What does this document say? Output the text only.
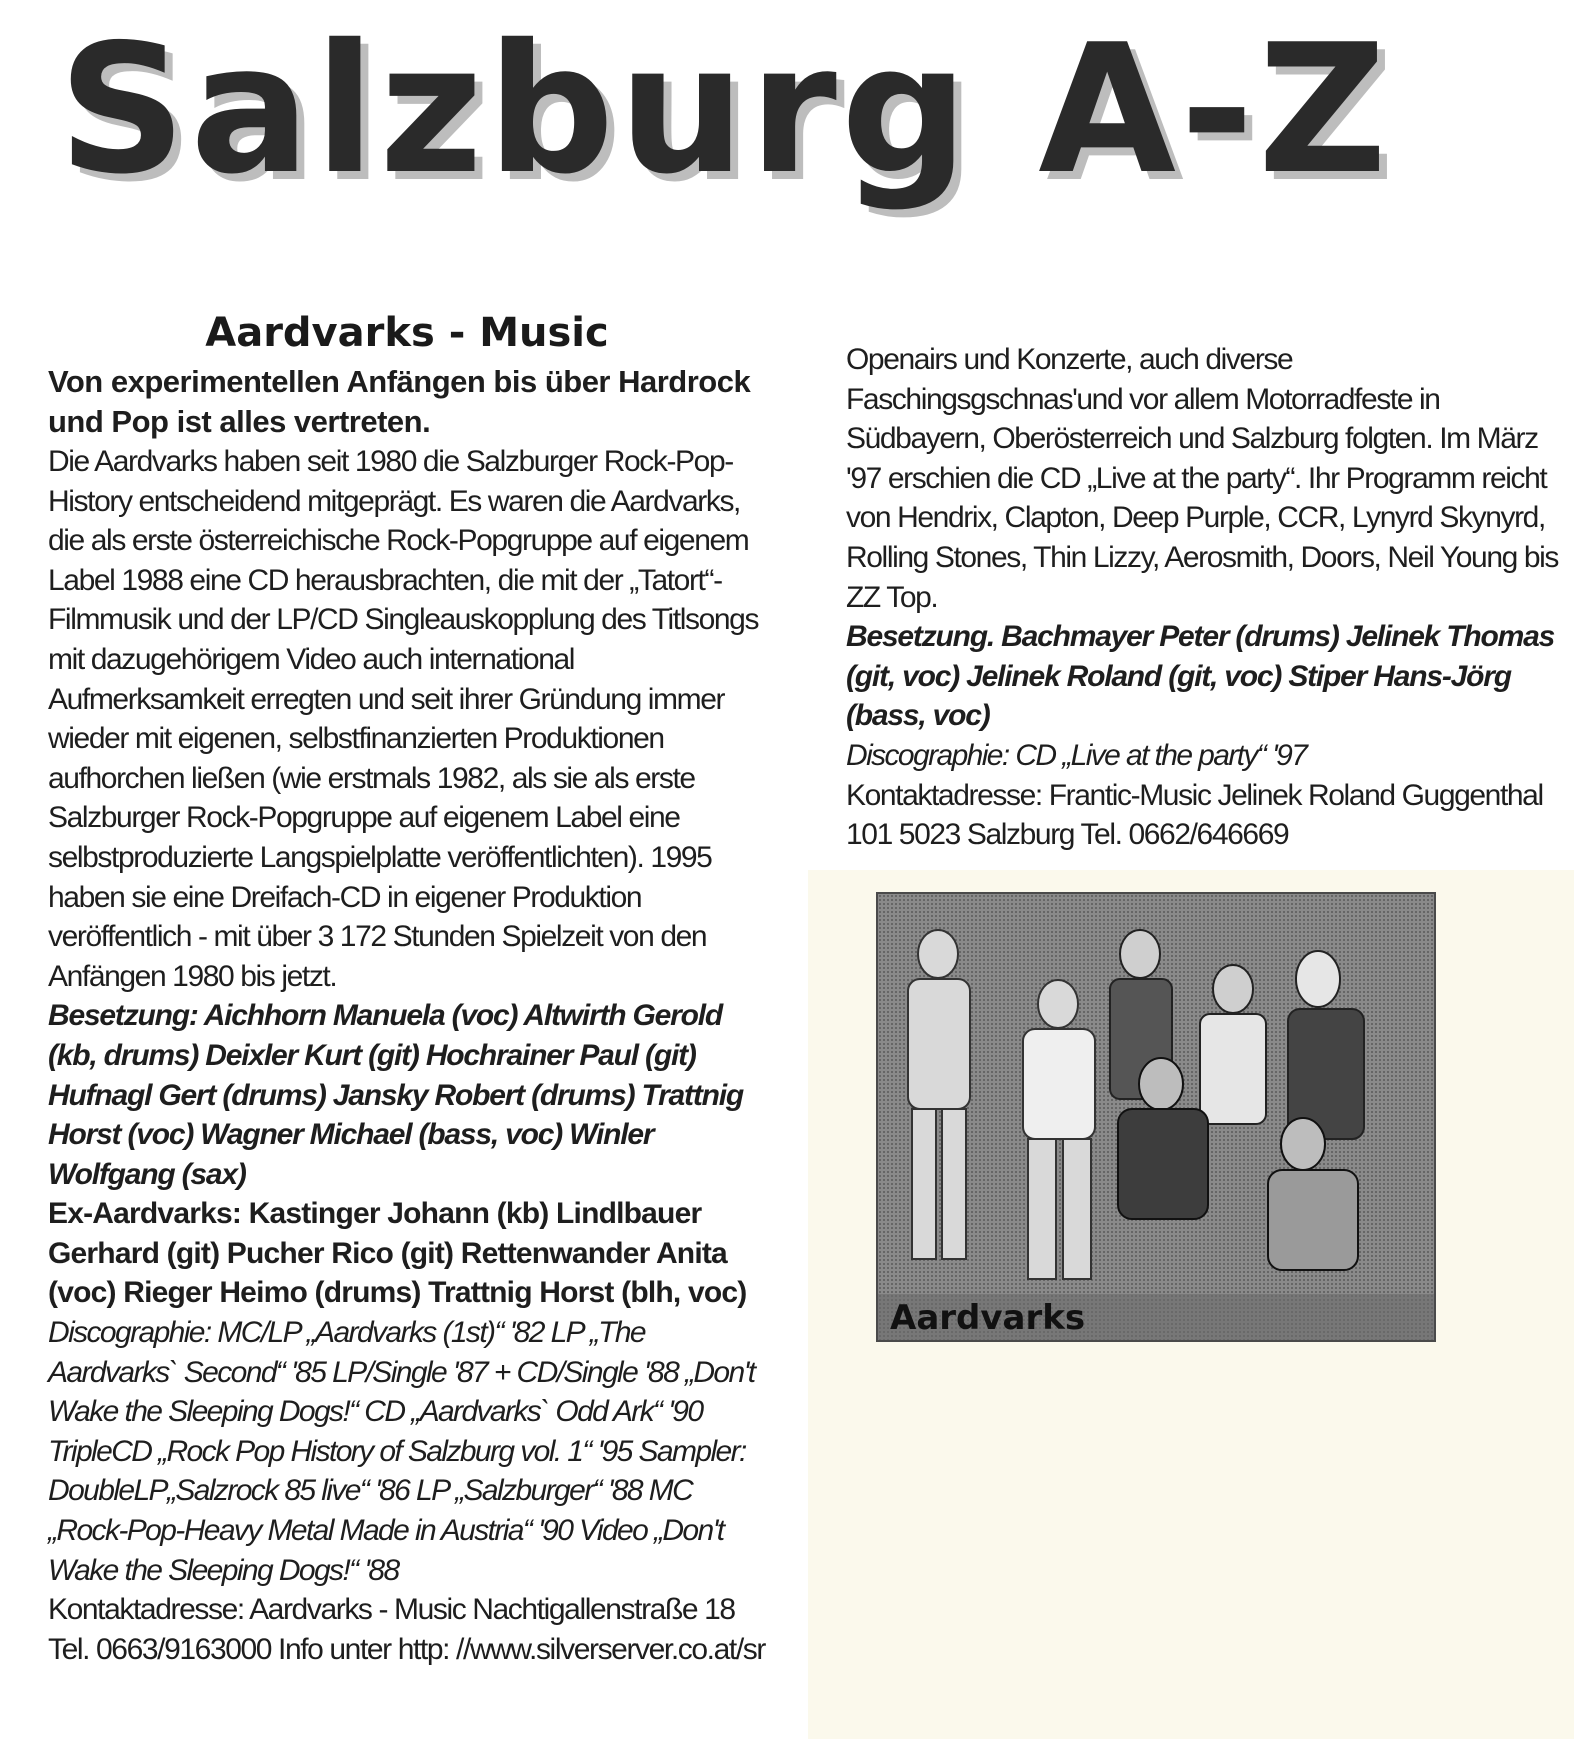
Salzburg A-Z
Aardvarks - Music

Von experimentellen Anfängen bis über Hardrock und Pop ist alles vertreten.

Die Aardvarks haben seit 1980 die Salzburger Rock-Pop-History entscheidend mitgeprägt. Es waren die Aardvarks, die als erste österreichische Rock-Popgruppe auf eigenem Label 1988 eine CD herausbrachten, die mit der „Tatort“-Filmmusik und der LP/CD Singleauskopplung des Titlsongs mit dazugehörigem Video auch international Aufmerksamkeit erregten und seit ihrer Gründung immer wieder mit eigenen, selbstfinanzierten Produktionen aufhorchen ließen (wie erstmals 1982, als sie als erste Salzburger Rock-Popgruppe auf eigenem Label eine selbstproduzierte Langspielplatte veröffentlichten). 1995 haben sie eine Dreifach-CD in eigener Produktion veröffentlich - mit über 3 172 Stunden Spielzeit von den Anfängen 1980 bis jetzt.

Besetzung: Aichhorn Manuela (voc) Altwirth Gerold (kb, drums) Deixler Kurt (git) Hochrainer Paul (git) Hufnagl Gert (drums) Jansky Robert (drums) Trattnig Horst (voc) Wagner Michael (bass, voc) Winler Wolfgang (sax)

Ex-Aardvarks: Kastinger Johann (kb) Lindlbauer Gerhard (git) Pucher Rico (git) Rettenwander Anita (voc) Rieger Heimo (drums) Trattnig Horst (blh, voc)

Discographie: MC/LP „Aardvarks (1st)“ '82 LP „The Aardvarks` Second“ '85 LP/Single '87 + CD/Single '88 „Don't Wake the Sleeping Dogs!“ CD „Aardvarks` Odd Ark“ '90 TripleCD „Rock Pop History of Salzburg vol. 1“ '95 Sampler: DoubleLP„Salzrock 85 live“ '86 LP „Salzburger“ '88 MC „Rock-Pop-Heavy Metal Made in Austria“ '90 Video „Don't Wake the Sleeping Dogs!“ '88

Kontaktadresse: Aardvarks - Music Nachtigallenstraße 18 Tel. 0663/9163000 Info unter http: //www.silverserver.co.at/sr

Openairs und Konzerte, auch diverse Faschingsgschnas'und vor allem Motorradfeste in Südbayern, Oberösterreich und Salzburg folgten. Im März '97 erschien die CD „Live at the party“. Ihr Programm reicht von Hendrix, Clapton, Deep Purple, CCR, Lynyrd Skynyrd, Rolling Stones, Thin Lizzy, Aerosmith, Doors, Neil Young bis ZZ Top.

Besetzung. Bachmayer Peter (drums) Jelinek Thomas (git, voc) Jelinek Roland (git, voc) Stiper Hans-Jörg (bass, voc)

Discographie: CD „Live at the party“ '97

Kontaktadresse: Frantic-Music Jelinek Roland Guggenthal 101 5023 Salzburg Tel. 0662/646669

Aardvarks
